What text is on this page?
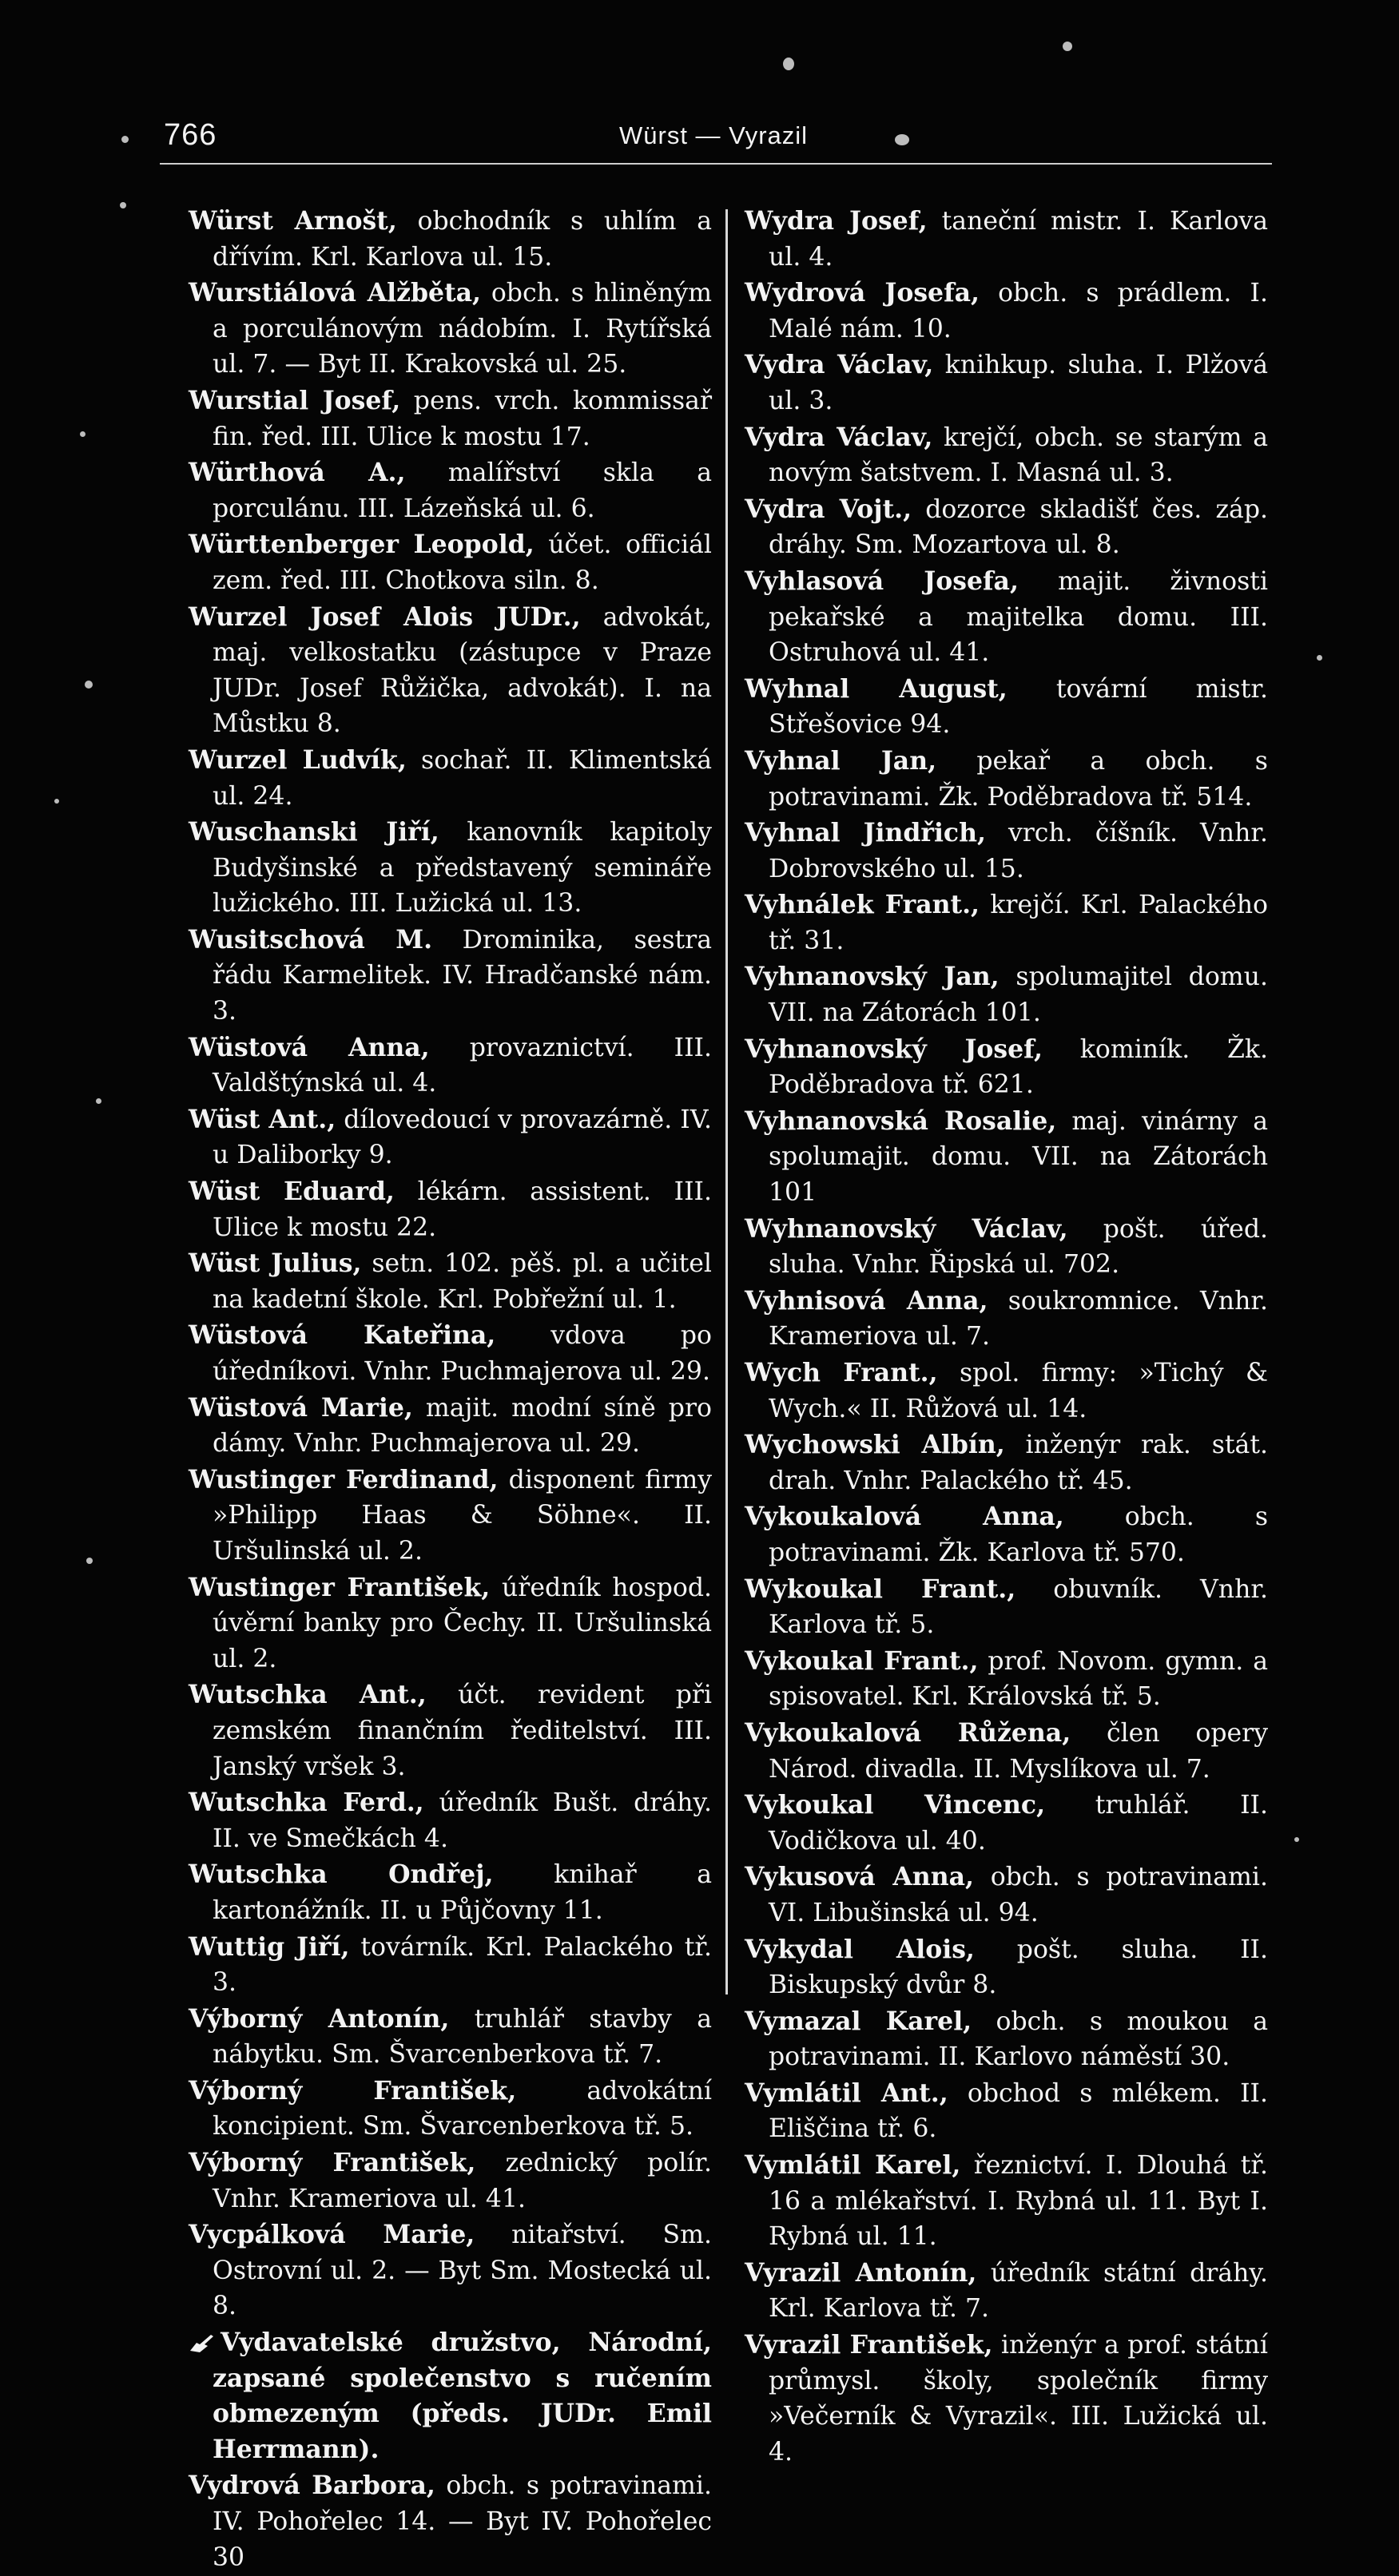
766	Würst — Vyrazil

Würst Arnošt, obchodník s uhlím a dřívím. Krl. Karlova ul. 15.

Wurstiálová Alžběta, obch. s hliněným a porculánovým nádobím. I. Rytířská ul. 7. — Byt II. Krakovská ul. 25.

Wurstial Josef, pens. vrch. kommissař fin. řed. III. Ulice k mostu 17.

Würthová A., malířství skla a porculánu. III. Lázeňská ul. 6.

Württenberger Leopold, účet. officiál zem. řed. III. Chotkova siln. 8.

Wurzel Josef Alois JUDr., advokát, maj. velkostatku (zástupce v Praze JUDr. Josef Růžička, advokát). I. na Můstku 8.

Wurzel Ludvík, sochař. II. Klimentská ul. 24.

Wuschanski Jiří, kanovník kapitoly Budyšinské a představený semináře lužického. III. Lužická ul. 13.

Wusitschová M. Drominika, sestra řádu Karmelitek. IV. Hradčanské nám. 3.

Wüstová Anna, provaznictví. III. Valdštýnská ul. 4.

Wüst Ant., dílovedoucí v provazárně. IV. u Daliborky 9.

Wüst Eduard, lékárn. assistent. III. Ulice k mostu 22.

Wüst Julius, setn. 102. pěš. pl. a učitel na kadetní škole. Krl. Pobřežní ul. 1.

Wüstová Kateřina, vdova po úředníkovi. Vnhr. Puchmajerova ul. 29.

Wüstová Marie, majit. modní síně pro dámy. Vnhr. Puchmajerova ul. 29.

Wustinger Ferdinand, disponent firmy »Philipp Haas & Söhne«. II. Uršulinská ul. 2.

Wustinger František, úředník hospod. úvěrní banky pro Čechy. II. Uršulinská ul. 2.

Wutschka Ant., účt. revident při zemském finančním ředitelství. III. Janský vršek 3.

Wutschka Ferd., úředník Bušt. dráhy. II. ve Smečkách 4.

Wutschka Ondřej, knihař a kartonážník. II. u Půjčovny 11.

Wuttig Jiří, továrník. Krl. Palackého tř. 3.

Výborný Antonín, truhlář stavby a nábytku. Sm. Švarcenberkova tř. 7.

Výborný František, advokátní koncipient. Sm. Švarcenberkova tř. 5.

Výborný František, zednický polír. Vnhr. Krameriova ul. 41.

Vycpálková Marie, nitařství. Sm. Ostrovní ul. 2. — Byt Sm. Mostecká ul. 8.

Vydavatelské družstvo, Národní, zapsané společenstvo s ručením obmezeným (předs. JUDr. Emil Herrmann).

Vydrová Barbora, obch. s potravinami. IV. Pohořelec 14. — Byt IV. Pohořelec 30

Wydra Josef, taneční mistr. I. Karlova ul. 4.

Wydrová Josefa, obch. s prádlem. I. Malé nám. 10.

Vydra Václav, knihkup. sluha. I. Plžová ul. 3.

Vydra Václav, krejčí, obch. se starým a novým šatstvem. I. Masná ul. 3.

Vydra Vojt., dozorce skladišť čes. záp. dráhy. Sm. Mozartova ul. 8.

Vyhlasová Josefa, majit. živnosti pekařské a majitelka domu. III. Ostruhová ul. 41.

Wyhnal August, tovární mistr. Střešovice 94.

Vyhnal Jan, pekař a obch. s potravinami. Žk. Poděbradova tř. 514.

Vyhnal Jindřich, vrch. číšník. Vnhr. Dobrovského ul. 15.

Vyhnálek Frant., krejčí. Krl. Palackého tř. 31.

Vyhnanovský Jan, spolumajitel domu. VII. na Zátorách 101.

Vyhnanovský Josef, kominík. Žk. Poděbradova tř. 621.

Vyhnanovská Rosalie, maj. vinárny a spolumajit. domu. VII. na Zátorách 101

Wyhnanovský Václav, pošt. úřed. sluha. Vnhr. Řipská ul. 702.

Vyhnisová Anna, soukromnice. Vnhr. Krameriova ul. 7.

Wych Frant., spol. firmy: »Tichý & Wych.« II. Růžová ul. 14.

Wychowski Albín, inženýr rak. stát. drah. Vnhr. Palackého tř. 45.

Vykoukalová Anna, obch. s potravinami. Žk. Karlova tř. 570.

Wykoukal Frant., obuvník. Vnhr. Karlova tř. 5.

Vykoukal Frant., prof. Novom. gymn. a spisovatel. Krl. Královská tř. 5.

Vykoukalová Růžena, člen opery Národ. divadla. II. Myslíkova ul. 7.

Vykoukal Vincenc, truhlář. II. Vodičkova ul. 40.

Vykusová Anna, obch. s potravinami. VI. Libušinská ul. 94.

Vykydal Alois, pošt. sluha. II. Biskupský dvůr 8.

Vymazal Karel, obch. s moukou a potravinami. II. Karlovo náměstí 30.

Vymlátil Ant., obchod s mlékem. II. Eliščina tř. 6.

Vymlátil Karel, řeznictví. I. Dlouhá tř. 16 a mlékařství. I. Rybná ul. 11. Byt I. Rybná ul. 11.

Vyrazil Antonín, úředník státní dráhy. Krl. Karlova tř. 7.

Vyrazil František, inženýr a prof. státní průmysl. školy, společník firmy »Večerník & Vyrazil«. III. Lužická ul. 4.
